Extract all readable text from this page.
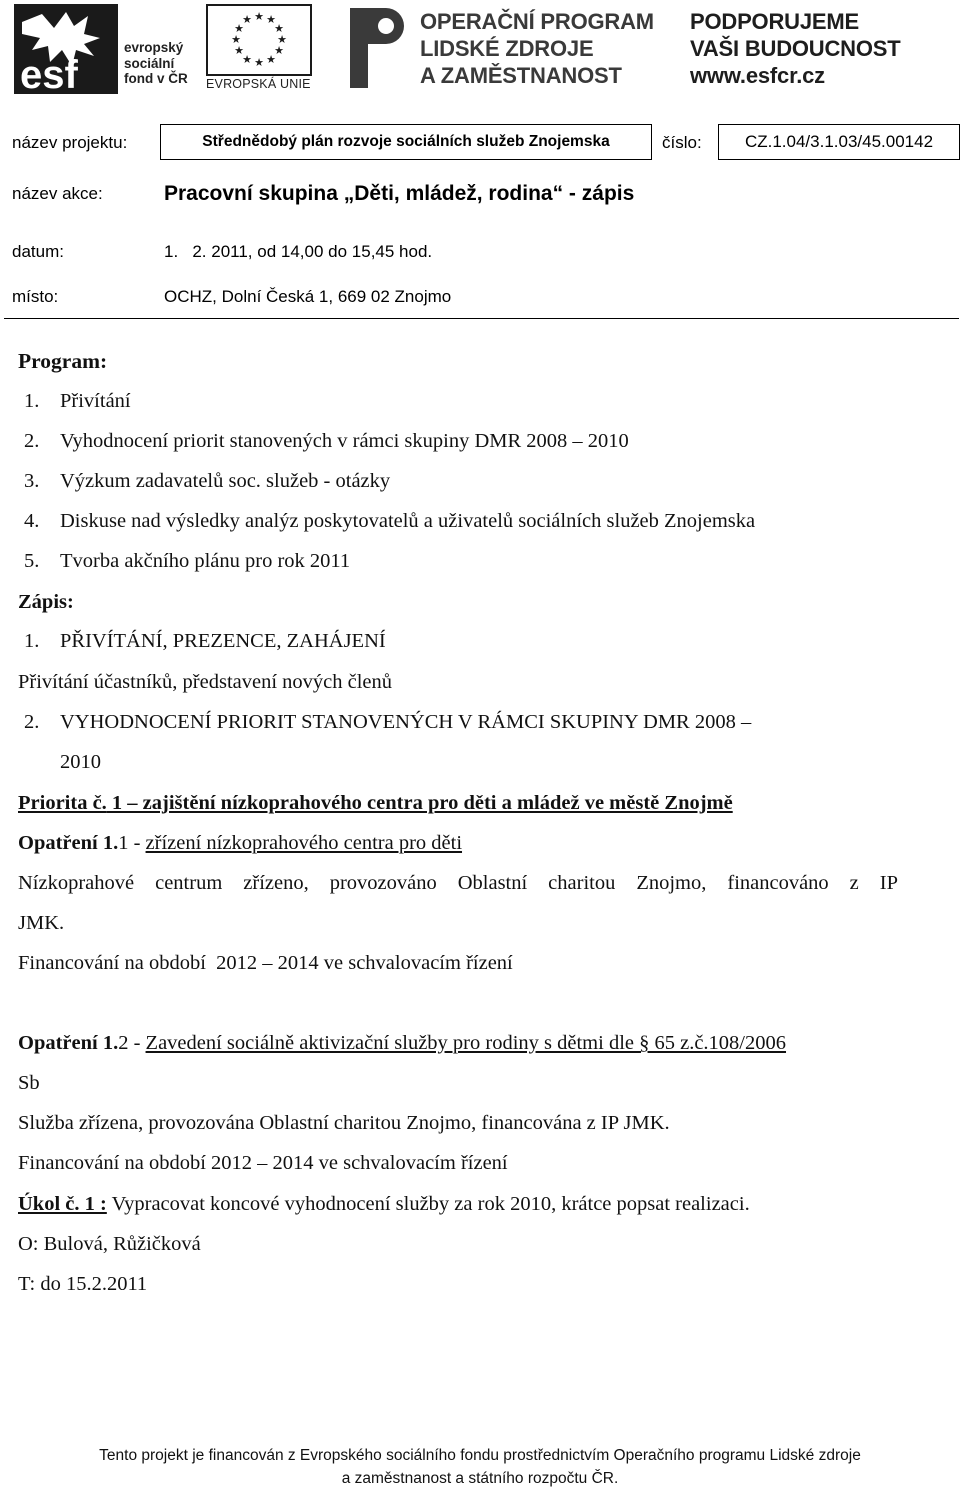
esf
evropský
sociální
fond v ČR
★ ★
★
★
★
★
★
★
★
★
★
★
EVROPSKÁ UNIE
OPERAČNÍ PROGRAM
LIDSKÉ ZDROJE
A ZAMĚSTNANOST
PODPORUJEME
VAŠI BUDOUCNOST
www.esfcr.cz
název projektu:	Střednědobý plán rozvoje sociálních služeb Znojemska	číslo:	CZ.1.04/3.1.03/45.00142
název akce:	Pracovní skupina „Děti, mládež, rodina“ - zápis
datum:	1.   2. 2011, od 14,00 do 15,45 hod.
místo:	OCHZ, Dolní Česká 1, 669 02 Znojmo
Program:
1. Přivítání
2. Vyhodnocení priorit stanovených v rámci skupiny DMR 2008 – 2010
3. Výzkum zadavatelů soc. služeb - otázky
4. Diskuse nad výsledky analýz poskytovatelů a uživatelů sociálních služeb Znojemska
5. Tvorba akčního plánu pro rok 2011
Zápis:
1. PŘIVÍTÁNÍ, PREZENCE, ZAHÁJENÍ
Přivítání účastníků, představení nových členů
2. VYHODNOCENÍ PRIORIT STANOVENÝCH V RÁMCI SKUPINY DMR 2008 –
2010
Priorita č. 1 – zajištění nízkoprahového centra pro děti a mládež ve městě Znojmě
Opatření 1.1 - zřízení nízkoprahového centra pro děti
Nízkoprahové centrum zřízeno, provozováno Oblastní charitou Znojmo, financováno z IP
JMK.
Financování na období  2012 – 2014 ve schvalovacím řízení
Opatření 1.2 - Zavedení sociálně aktivizační služby pro rodiny s dětmi dle § 65 z.č.108/2006
Sb
Služba zřízena, provozována Oblastní charitou Znojmo, financována z IP JMK.
Financování na období 2012 – 2014 ve schvalovacím řízení
Úkol č. 1 : Vypracovat koncové vyhodnocení služby za rok 2010, krátce popsat realizaci.
O: Bulová, Růžičková
T: do 15.2.2011
Tento projekt je financován z Evropského sociálního fondu prostřednictvím Operačního programu Lidské zdroje
a zaměstnanost a státního rozpočtu ČR.
